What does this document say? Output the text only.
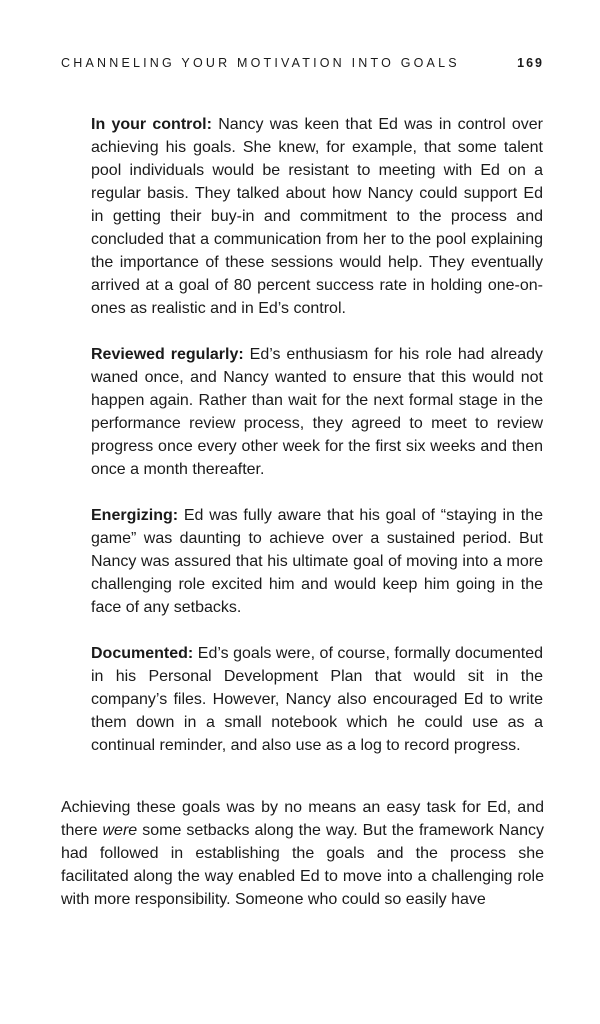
CHANNELING YOUR MOTIVATION INTO GOALS	169

In your control: Nancy was keen that Ed was in control over achieving his goals. She knew, for example, that some talent pool individuals would be resistant to meeting with Ed on a regular basis. They talked about how Nancy could support Ed in getting their buy-in and commitment to the process and concluded that a communication from her to the pool explaining the importance of these sessions would help. They eventually arrived at a goal of 80 percent success rate in holding one-on-ones as realistic and in Ed’s control.

Reviewed regularly: Ed’s enthusiasm for his role had already waned once, and Nancy wanted to ensure that this would not happen again. Rather than wait for the next formal stage in the performance review process, they agreed to meet to review progress once every other week for the first six weeks and then once a month thereafter.

Energizing: Ed was fully aware that his goal of “staying in the game” was daunting to achieve over a sustained period. But Nancy was assured that his ultimate goal of moving into a more challenging role excited him and would keep him going in the face of any setbacks.

Documented: Ed’s goals were, of course, formally documented in his Personal Development Plan that would sit in the company’s files. However, Nancy also encouraged Ed to write them down in a small notebook which he could use as a continual reminder, and also use as a log to record progress.

Achieving these goals was by no means an easy task for Ed, and there were some setbacks along the way. But the framework Nancy had followed in establishing the goals and the process she facilitated along the way enabled Ed to move into a challenging role with more responsibility. Someone who could so easily have
